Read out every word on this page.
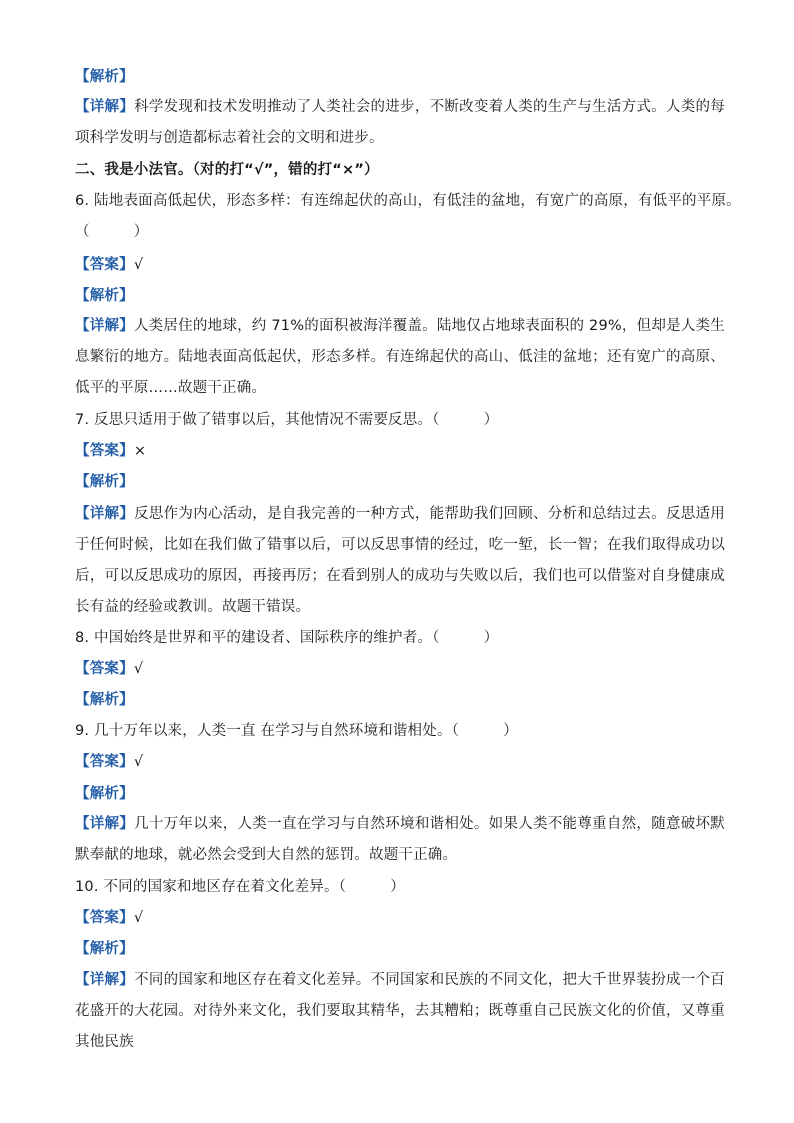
【解析】
【详解】科学发现和技术发明推动了人类社会的进步，不断改变着人类的生产与生活方式。人类的每项科学发明与创造都标志着社会的文明和进步。
二、我是小法官。（对的打“√”，错的打“×”）
6. 陆地表面高低起伏，形态多样：有连绵起伏的高山，有低洼的盆地，有宽广的高原，有低平的平原。
（　　　）
【答案】√
【解析】
【详解】人类居住的地球，约 71%的面积被海洋覆盖。陆地仅占地球表面积的 29%，但却是人类生息繁衍的地方。陆地表面高低起伏，形态多样。有连绵起伏的高山、低洼的盆地；还有宽广的高原、低平的平原……故题干正确。
7. 反思只适用于做了错事以后，其他情况不需要反思。（　　　）
【答案】×
【解析】
【详解】反思作为内心活动，是自我完善的一种方式，能帮助我们回顾、分析和总结过去。反思适用于任何时候，比如在我们做了错事以后，可以反思事情的经过，吃一堑，长一智；在我们取得成功以后，可以反思成功的原因，再接再厉；在看到别人的成功与失败以后，我们也可以借鉴对自身健康成长有益的经验或教训。故题干错误。
8. 中国始终是世界和平的建设者、国际秩序的维护者。（　　　）
【答案】√
【解析】
9. 几十万年以来，人类一直 在学习与自然环境和谐相处。（　　　）
【答案】√
【解析】
【详解】几十万年以来，人类一直在学习与自然环境和谐相处。如果人类不能尊重自然，随意破坏默默奉献的地球，就必然会受到大自然的惩罚。故题干正确。
10. 不同的国家和地区存在着文化差异。（　　　）
【答案】√
【解析】
【详解】不同的国家和地区存在着文化差异。不同国家和民族的不同文化，把大千世界装扮成一个百花盛开的大花园。对待外来文化，我们要取其精华，去其糟粕；既尊重自己民族文化的价值，又尊重其他民族
